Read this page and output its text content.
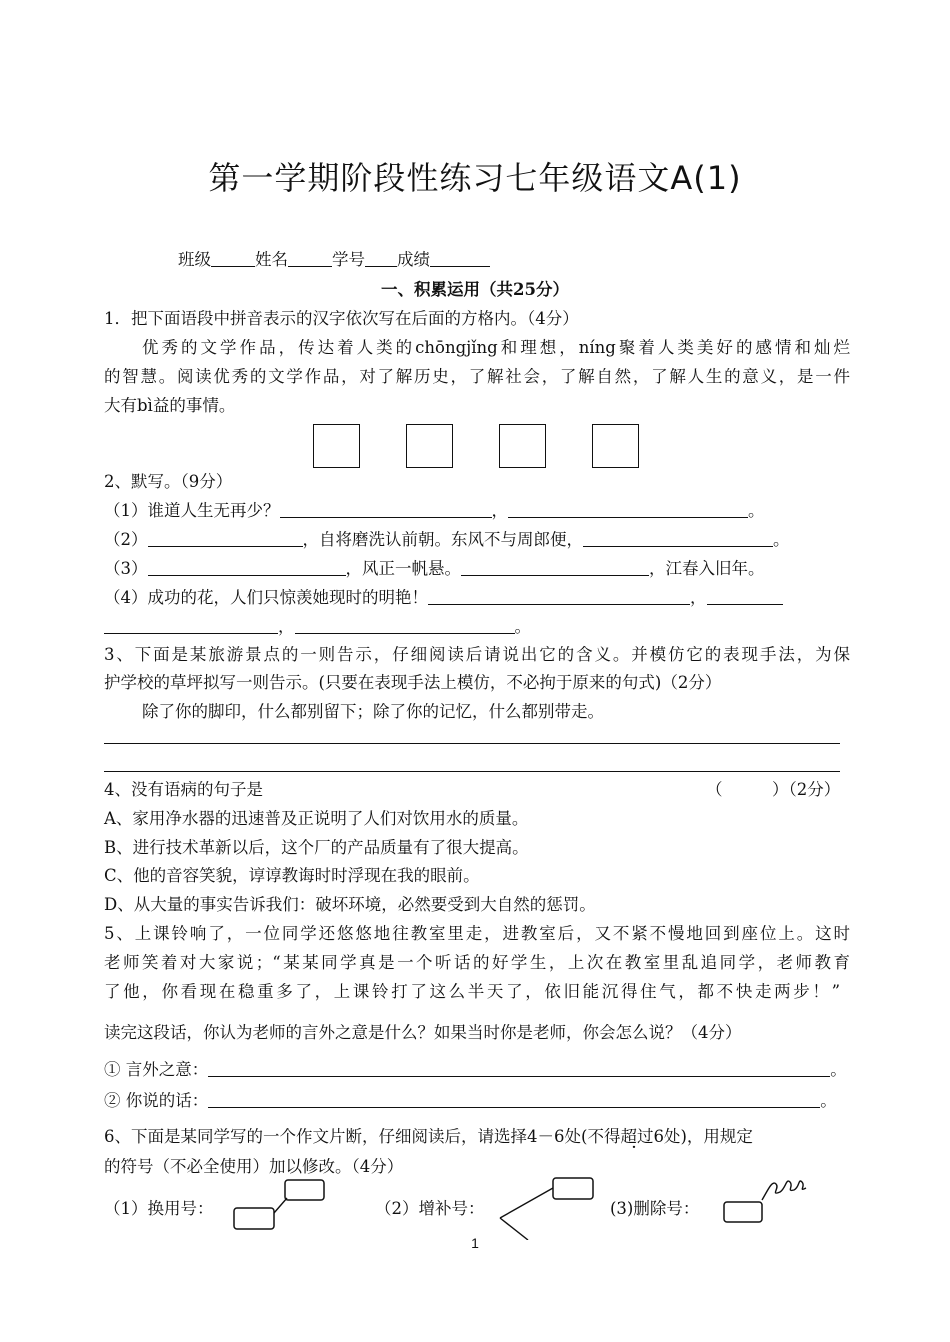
第一学期阶段性练习七年级语文A(1)
班级	姓名	学号 成绩
一、积累运用（共25分）
1．把下面语段中拼音表示的汉字依次写在后面的方格内。（4分）
优秀的文学作品，传达着人类的chōngjǐng和理想，níng聚着人类美好的感情和灿烂
的智慧。阅读优秀的文学作品，对了解历史，了解社会，了解自然，了解人生的意义，是一件
大有bì益的事情。
2、默写。（9分）
（1）谁道人生无再少？	，	。
（2）	，自将磨洗认前朝。东风不与周郎便，	。
（3）	，风正一帆悬。	，江春入旧年。
（4）成功的花，人们只惊羡她现时的明艳！	，
，	。
3、下面是某旅游景点的一则告示，仔细阅读后请说出它的含义。并模仿它的表现手法，为保
护学校的草坪拟写一则告示。(只要在表现手法上模仿，不必拘于原来的句式)（2分）
除了你的脚印，什么都别留下；除了你的记忆，什么都别带走。
4、没有语病的句子是	（　　　）（2分）
A、家用净水器的迅速普及正说明了人们对饮用水的质量。
B、进行技术革新以后，这个厂的产品质量有了很大提高。
C、他的音容笑貌，谆谆教诲时时浮现在我的眼前。
D、从大量的事实告诉我们：破坏环境，必然要受到大自然的惩罚。
5、上课铃响了，一位同学还悠悠地往教室里走，进教室后，又不紧不慢地回到座位上。这时
老师笑着对大家说；“某某同学真是一个听话的好学生，上次在教室里乱追同学，老师教育
了他，你看现在稳重多了，上课铃打了这么半天了，依旧能沉得住气，都不快走两步！”
读完这段话，你认为老师的言外之意是什么？如果当时你是老师，你会怎么说？（4分）
① 言外之意：	。
② 你说的话：	。
6、下面是某同学写的一个作文片断，仔细阅读后，请选择4－6处(不得超过6处 ·)，用规定
的符号（不必全使用）加以修改。（4分）
（1）换用号：	（2）增补号：	(3)删除号：
1
